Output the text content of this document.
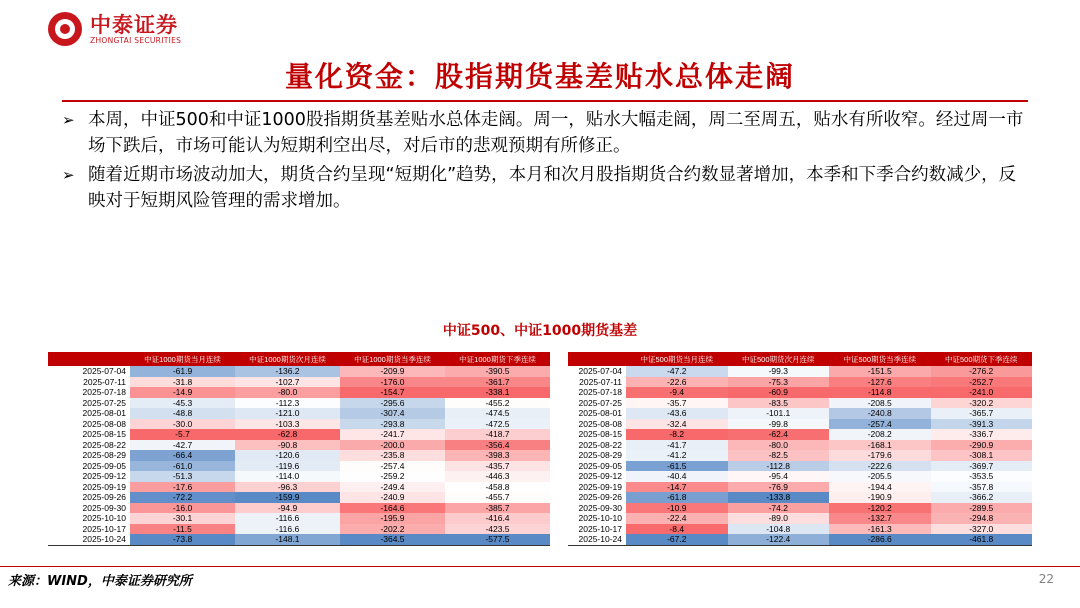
中泰证券
ZHONGTAI SECURITIES
量化资金：股指期货基差贴水总体走阔
➢ 本周，中证500和中证1000股指期货基差贴水总体走阔。周一，贴水大幅走阔，周二至周五，贴水有所收窄。经过周一市场下跌后，市场可能认为短期利空出尽，对后市的悲观预期有所修正。
➢ 随着近期市场波动加大，期货合约呈现“短期化”趋势，本月和次月股指期货合约数显著增加，本季和下季合约数减少，反映对于短期风险管理的需求增加。
中证500、中证1000期货基差
	中证1000期货当月连续	中证1000期货次月连续	中证1000期货当季连续	中证1000期货下季连续
2025-07-04	-61.9	-136.2	-209.9	-390.5
2025-07-11	-31.8	-102.7	-176.0	-361.7
2025-07-18	-14.9	-80.0	-154.7	-338.1
2025-07-25	-45.3	-112.3	-295.6	-455.2
2025-08-01	-48.8	-121.0	-307.4	-474.5
2025-08-08	-30.0	-103.3	-293.8	-472.5
2025-08-15	-5.7	-62.8	-241.7	-418.7
2025-08-22	-42.7	-90.8	-200.0	-356.4
2025-08-29	-66.4	-120.6	-235.8	-398.3
2025-09-05	-61.0	-119.6	-257.4	-435.7
2025-09-12	-51.3	-114.0	-259.2	-446.3
2025-09-19	-17.6	-96.3	-249.4	-458.8
2025-09-26	-72.2	-159.9	-240.9	-455.7
2025-09-30	-16.0	-94.9	-164.6	-385.7
2025-10-10	-30.1	-116.6	-195.9	-416.4
2025-10-17	-11.5	-116.6	-202.2	-423.5
2025-10-24	-73.8	-148.1	-364.5	-577.5
	中证500期货当月连续	中证500期货次月连续	中证500期货当季连续	中证500期货下季连续
2025-07-04	-47.2	-99.3	-151.5	-276.2
2025-07-11	-22.6	-75.3	-127.6	-252.7
2025-07-18	-9.4	-60.9	-114.8	-241.0
2025-07-25	-35.7	-83.5	-208.5	-320.2
2025-08-01	-43.6	-101.1	-240.8	-365.7
2025-08-08	-32.4	-99.8	-257.4	-391.3
2025-08-15	-8.2	-62.4	-208.2	-336.7
2025-08-22	-41.7	-80.0	-168.1	-290.9
2025-08-29	-41.2	-82.5	-179.6	-308.1
2025-09-05	-61.5	-112.8	-222.6	-369.7
2025-09-12	-40.4	-95.4	-205.5	-353.5
2025-09-19	-14.7	-76.9	-194.4	-357.8
2025-09-26	-61.8	-133.8	-190.9	-366.2
2025-09-30	-10.9	-74.2	-120.2	-289.5
2025-10-10	-22.4	-89.0	-132.7	-294.8
2025-10-17	-8.4	-104.8	-161.3	-327.0
2025-10-24	-67.2	-122.4	-286.6	-461.8
来源：WIND，中泰证券研究所	22
